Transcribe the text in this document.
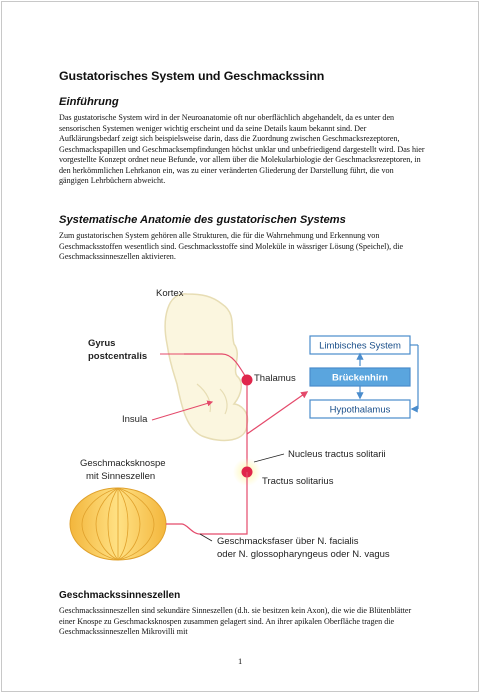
Gustatorisches System und Geschmackssinn
Einführung

Das gustatorische System wird in der Neuroanatomie oft nur oberflächlich abgehandelt, da es unter den sensorischen Systemen weniger wichtig erscheint und da seine Details kaum bekannt sind. Der Aufklärungsbedarf zeigt sich beispielsweise darin, dass die Zuordnung zwischen Geschmacksrezeptoren, Geschmackspapillen und Geschmacksempfindungen höchst unklar und unbefriedigend dargestellt wird. Das hier vorgestellte Konzept ordnet neue Befunde, vor allem über die Molekularbiologie der Geschmacksrezeptoren, in den herkömmlichen Lehrkanon ein, was zu einer veränderten Gliederung der Darstellung führt, die von gängigen Lehrbüchern abweicht.

Systematische Anatomie des gustatorischen Systems

Zum gustatorischen System gehören alle Strukturen, die für die Wahrnehmung und Erkennung von Geschmacksstoffen wesentlich sind. Geschmacksstoffe sind Moleküle in wässriger Lösung (Speichel), die Geschmackssinneszellen aktivieren.

Kortex
Gyrus
postcentralis
Insula
Thalamus
Nucleus tractus solitarii
Tractus solitarius
Limbisches System
Brückenhirn
Hypothalamus
Geschmacksknospe
mit Sinneszellen
Geschmacksfaser über N. facialis
oder N. glossopharyngeus oder N. vagus
Geschmackssinneszellen

Geschmackssinneszellen sind sekundäre Sinneszellen (d.h. sie besitzen kein Axon), die wie die Blütenblätter einer Knospe zu Geschmacksknospen zusammen gelagert sind. An ihrer apikalen Oberfläche tragen die Geschmackssinneszellen Mikrovilli mit

1
